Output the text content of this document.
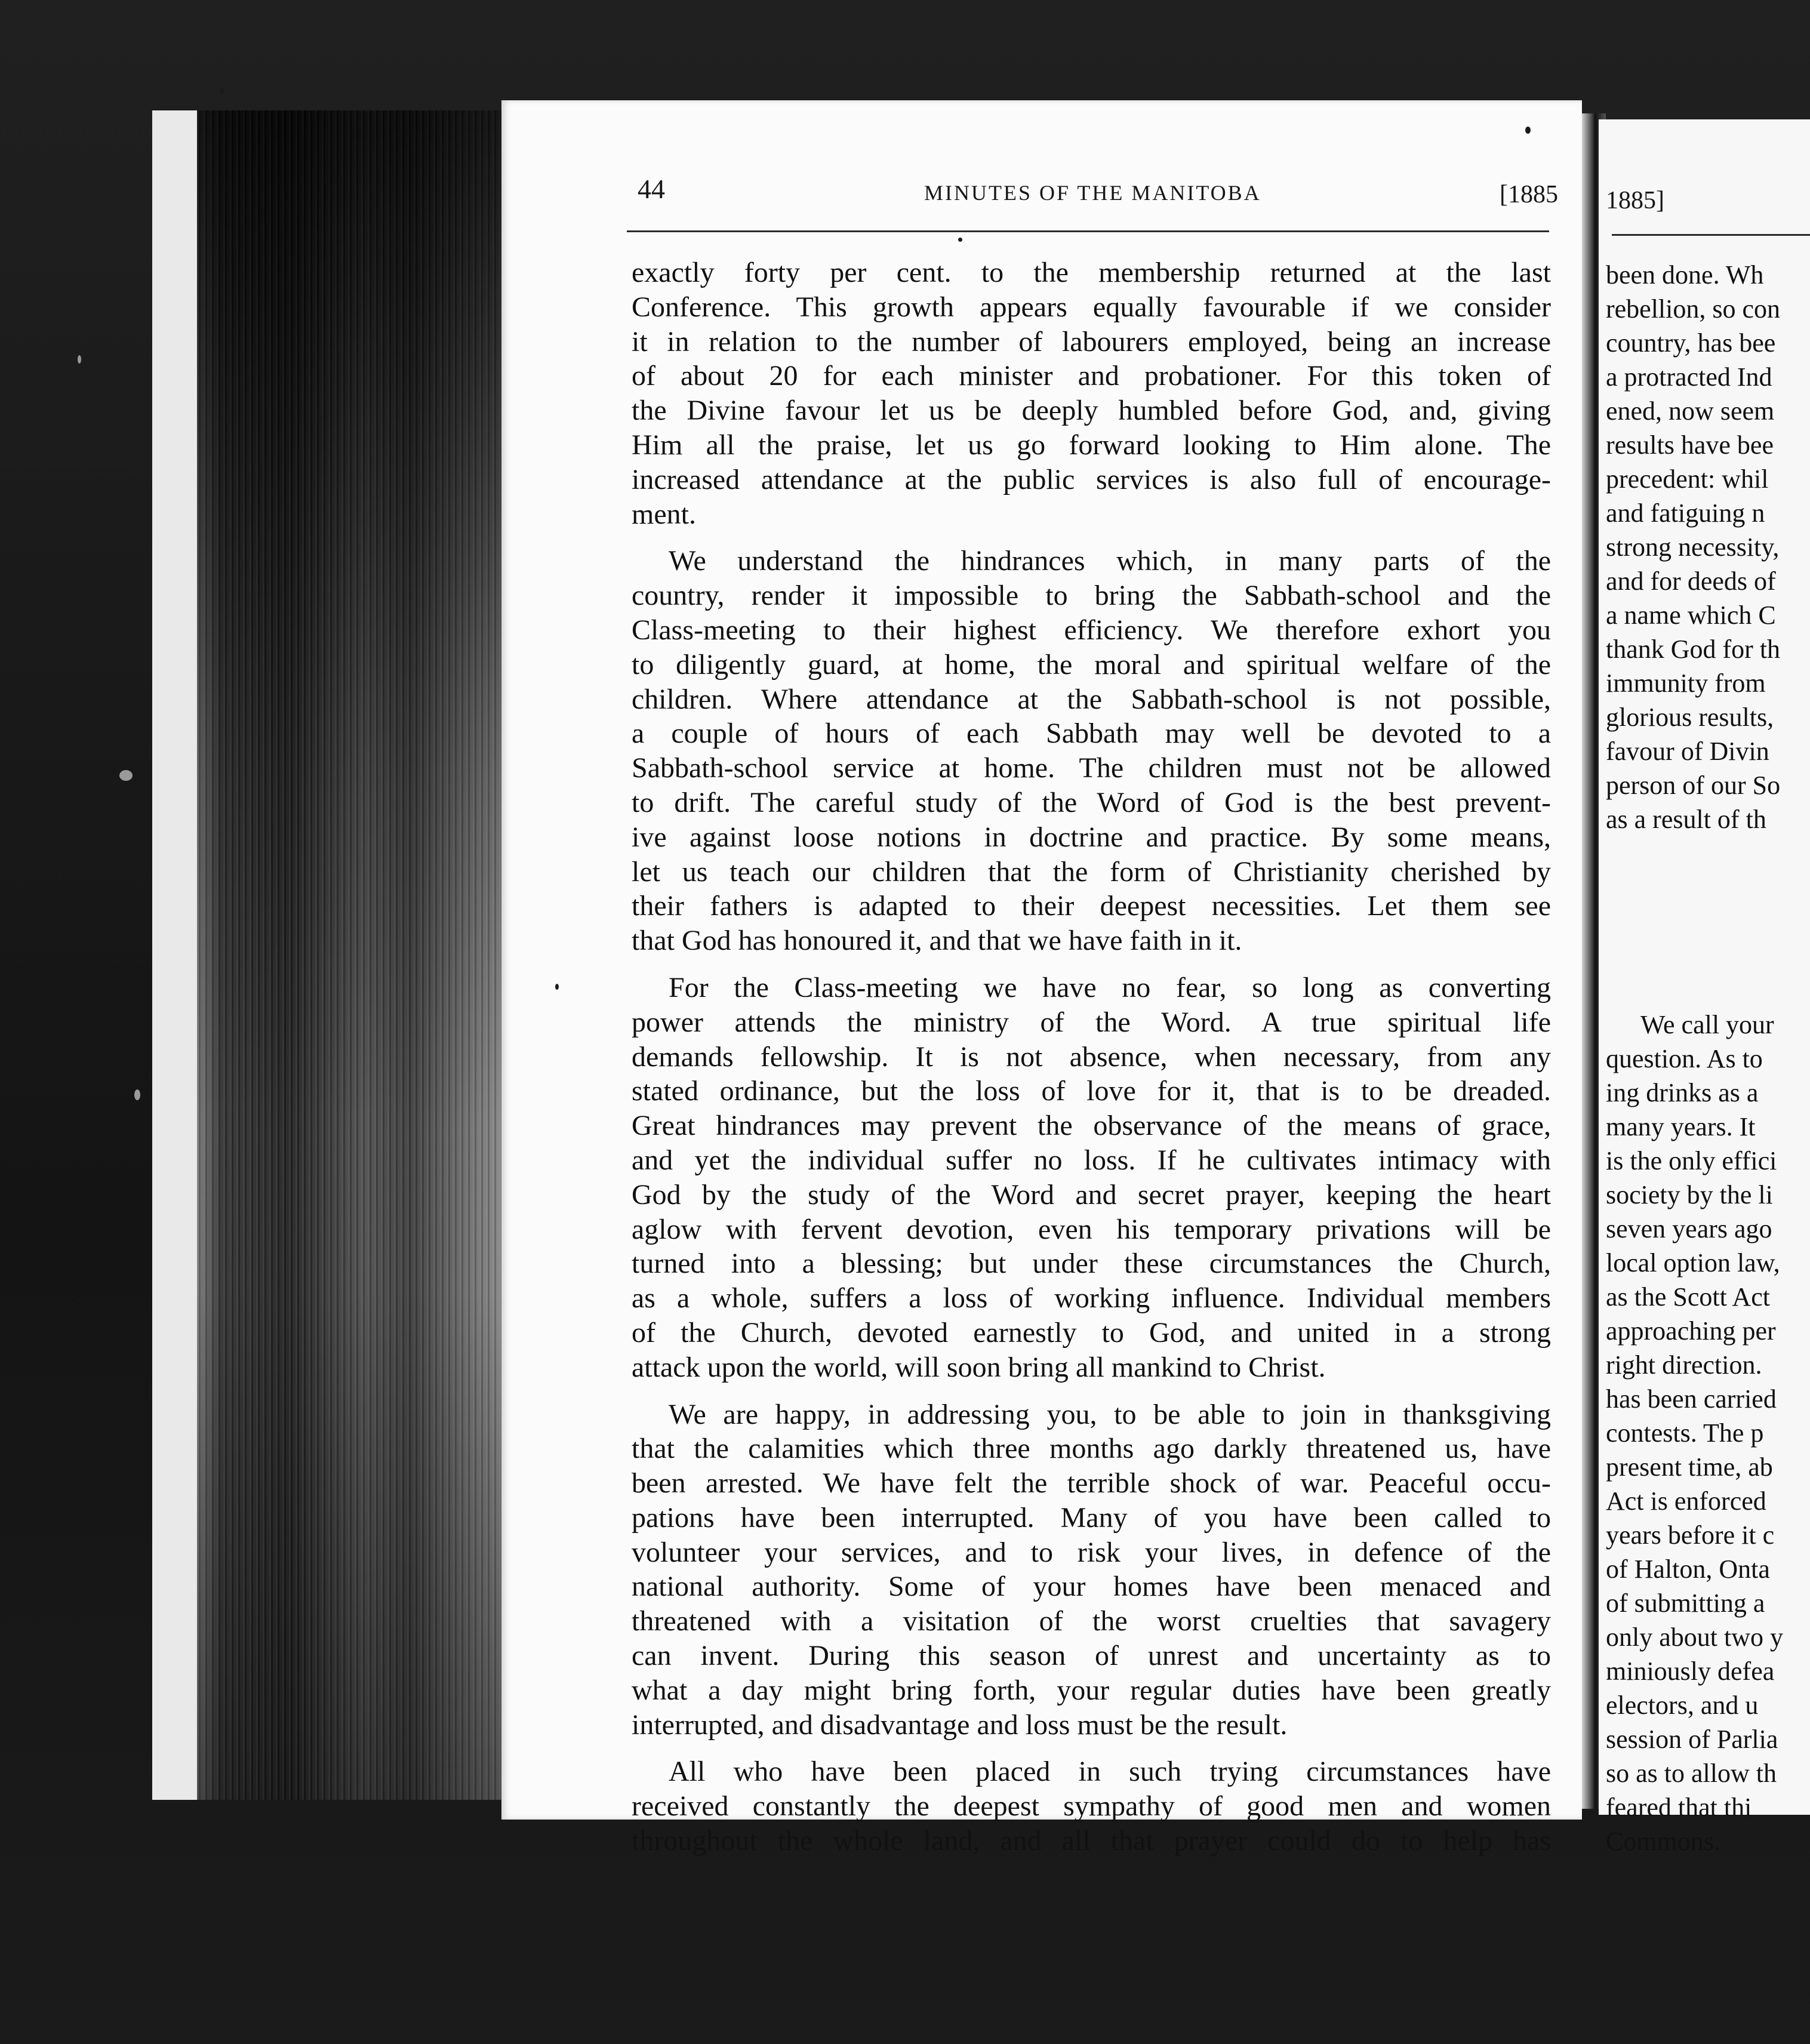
44	MINUTES OF THE MANITOBA	[1885
exactly forty per cent. to the membership returned at the last
Conference. This growth appears equally favourable if we consider
it in relation to the number of labourers employed, being an increase
of about 20 for each minister and probationer. For this token of
the Divine favour let us be deeply humbled before God, and, giving
Him all the praise, let us go forward looking to Him alone. The
increased attendance at the public services is also full of encourage-
ment.
We understand the hindrances which, in many parts of the
country, render it impossible to bring the Sabbath-school and the
Class-meeting to their highest efficiency. We therefore exhort you
to diligently guard, at home, the moral and spiritual welfare of the
children. Where attendance at the Sabbath-school is not possible,
a couple of hours of each Sabbath may well be devoted to a
Sabbath-school service at home. The children must not be allowed
to drift. The careful study of the Word of God is the best prevent-
ive against loose notions in doctrine and practice. By some means,
let us teach our children that the form of Christianity cherished by
their fathers is adapted to their deepest necessities. Let them see
that God has honoured it, and that we have faith in it.
For the Class-meeting we have no fear, so long as converting
power attends the ministry of the Word. A true spiritual life
demands fellowship. It is not absence, when necessary, from any
stated ordinance, but the loss of love for it, that is to be dreaded.
Great hindrances may prevent the observance of the means of grace,
and yet the individual suffer no loss. If he cultivates intimacy with
God by the study of the Word and secret prayer, keeping the heart
aglow with fervent devotion, even his temporary privations will be
turned into a blessing; but under these circumstances the Church,
as a whole, suffers a loss of working influence. Individual members
of the Church, devoted earnestly to God, and united in a strong
attack upon the world, will soon bring all mankind to Christ.
We are happy, in addressing you, to be able to join in thanksgiving
that the calamities which three months ago darkly threatened us, have
been arrested. We have felt the terrible shock of war. Peaceful occu-
pations have been interrupted. Many of you have been called to
volunteer your services, and to risk your lives, in defence of the
national authority. Some of your homes have been menaced and
threatened with a visitation of the worst cruelties that savagery
can invent. During this season of unrest and uncertainty as to
what a day might bring forth, your regular duties have been greatly
interrupted, and disadvantage and loss must be the result.
All who have been placed in such trying circumstances have
received constantly the deepest sympathy of good men and women
throughout the whole land, and all that prayer could do to help has
1885]
been done. Wh
rebellion, so con
country, has bee
a protracted Ind
ened, now seem
results have bee
precedent: whil
and fatiguing n
strong necessity,
and for deeds of
a name which C
thank God for th
immunity from
glorious results,
favour of Divin
person of our So
as a result of th
We call your
question. As to
ing drinks as a
many years. It
is the only effici
society by the li
seven years ago
local option law,
as the Scott Act
approaching per
right direction.
has been carried
contests. The p
present time, ab
Act is enforced
years before it c
of Halton, Onta
of submitting a
only about two y
miniously defea
electors, and u
session of Parlia
so as to allow th
feared that thi
Commons.
